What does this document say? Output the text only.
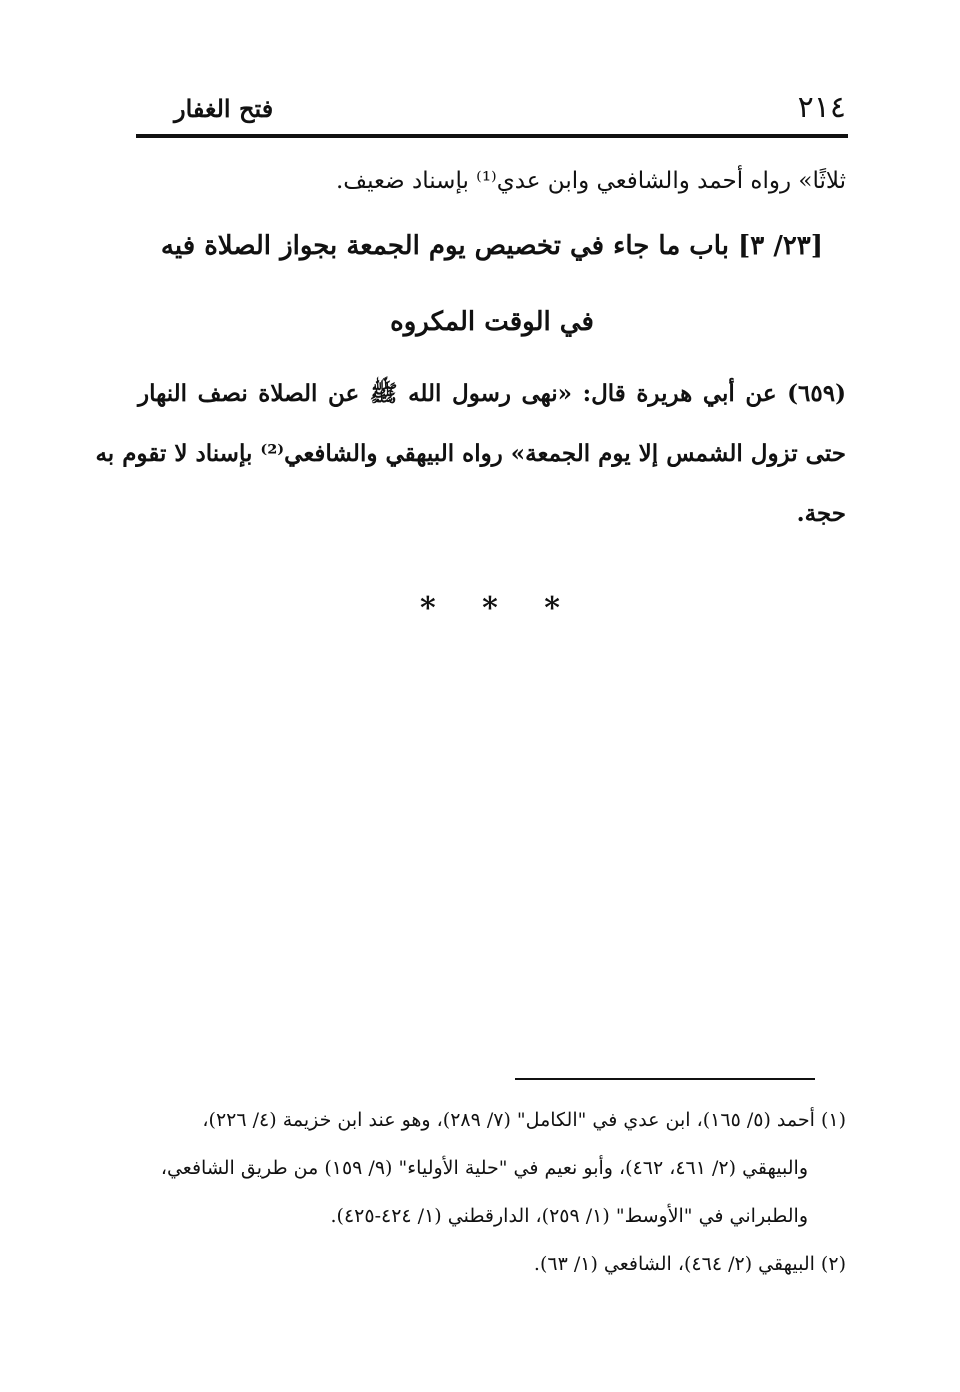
٢١٤
فتح الغفار
ثلاثًا» رواه أحمد والشافعي وابن عدي⁽¹⁾ بإسناد ضعيف.
[٢٣/ ٣] باب ما جاء في تخصيص يوم الجمعة بجواز الصلاة فيه
في الوقت المكروه
(٦٥٩) عن أبي هريرة قال: «نهى رسول الله ﷺ عن الصلاة نصف النهار
حتى تزول الشمس إلا يوم الجمعة» رواه البيهقي والشافعي⁽²⁾ بإسناد لا تقوم به
حجة.
* * *
(١) أحمد (٥/ ١٦٥)، ابن عدي في "الكامل" (٧/ ٢٨٩)، وهو عند ابن خزيمة (٤/ ٢٢٦)،
والبيهقي (٢/ ٤٦١، ٤٦٢)، وأبو نعيم في "حلية الأولياء" (٩/ ١٥٩) من طريق الشافعي،
والطبراني في "الأوسط" (١/ ٢٥٩)، الدارقطني (١/ ٤٢٤-٤٢٥).
(٢) البيهقي (٢/ ٤٦٤)، الشافعي (١/ ٦٣).
